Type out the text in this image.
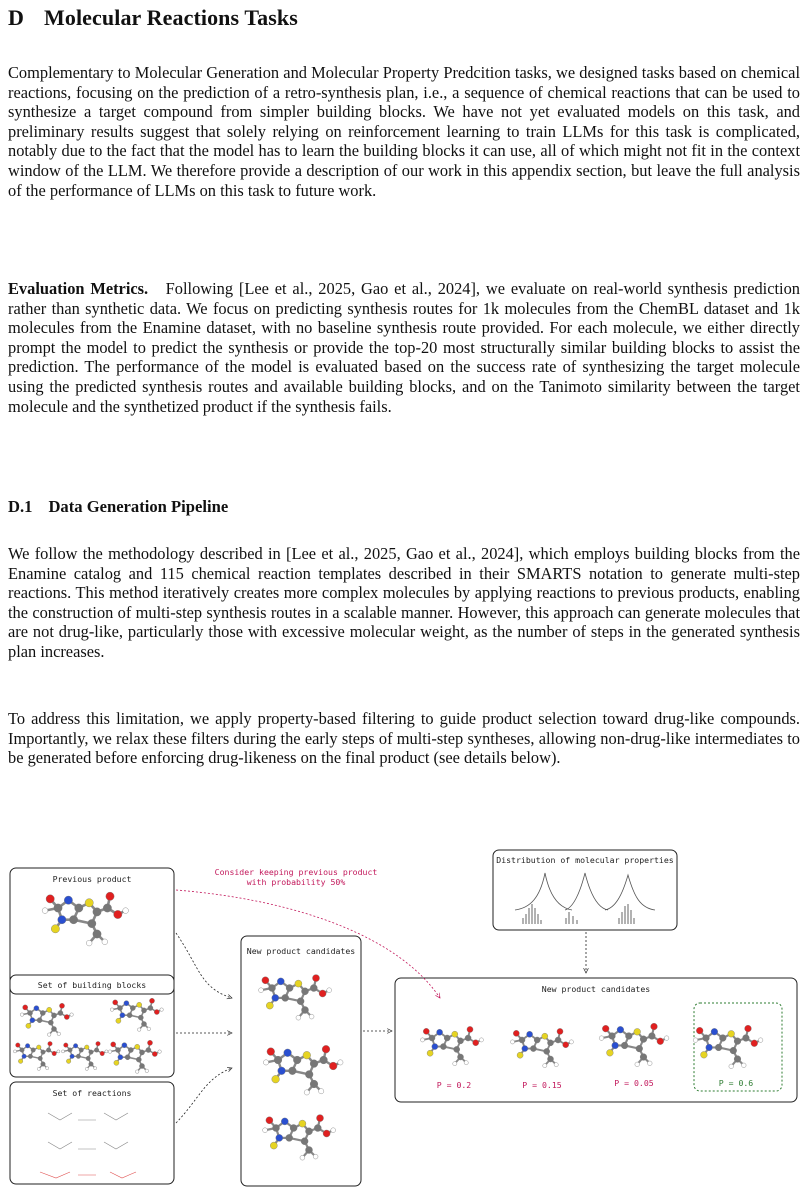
D Molecular Reactions Tasks

Complementary to Molecular Generation and Molecular Property Predcition tasks, we designed tasks based on chemical reactions, focusing on the prediction of a retro-synthesis plan, i.e., a sequence of chemical reactions that can be used to synthesize a target compound from simpler building blocks. We have not yet evaluated models on this task, and preliminary results suggest that solely relying on reinforcement learning to train LLMs for this task is complicated, notably due to the fact that the model has to learn the building blocks it can use, all of which might not fit in the context window of the LLM. We therefore provide a description of our work in this appendix section, but leave the full analysis of the performance of LLMs on this task to future work.

Evaluation Metrics. Following [Lee et al., 2025, Gao et al., 2024], we evaluate on real-world synthesis prediction rather than synthetic data. We focus on predicting synthesis routes for 1k molecules from the ChemBL dataset and 1k molecules from the Enamine dataset, with no baseline synthesis route provided. For each molecule, we either directly prompt the model to predict the synthesis or provide the top-20 most structurally similar building blocks to assist the prediction. The performance of the model is evaluated based on the success rate of synthesizing the target molecule using the predicted synthesis routes and available building blocks, and on the Tanimoto similarity between the target molecule and the synthetized product if the synthesis fails.

D.1 Data Generation Pipeline

We follow the methodology described in [Lee et al., 2025, Gao et al., 2024], which employs building blocks from the Enamine catalog and 115 chemical reaction templates described in their SMARTS notation to generate multi-step reactions. This method iteratively creates more complex molecules by applying reactions to previous products, enabling the construction of multi-step synthesis routes in a scalable manner. However, this approach can generate molecules that are not drug-like, particularly those with excessive molecular weight, as the number of steps in the generated synthesis plan increases.

To address this limitation, we apply property-based filtering to guide product selection toward drug-like compounds. Importantly, we relax these filters during the early steps of multi-step syntheses, allowing non-drug-like intermediates to be generated before enforcing drug-likeness on the final product (see details below).

Previous product
Set of building blocks
Set of reactions
New product candidates
Distribution of molecular properties
New product candidates
Consider keeping previous product
with probability 50%
P = 0.2	P = 0.15	P = 0.05	P = 0.6
